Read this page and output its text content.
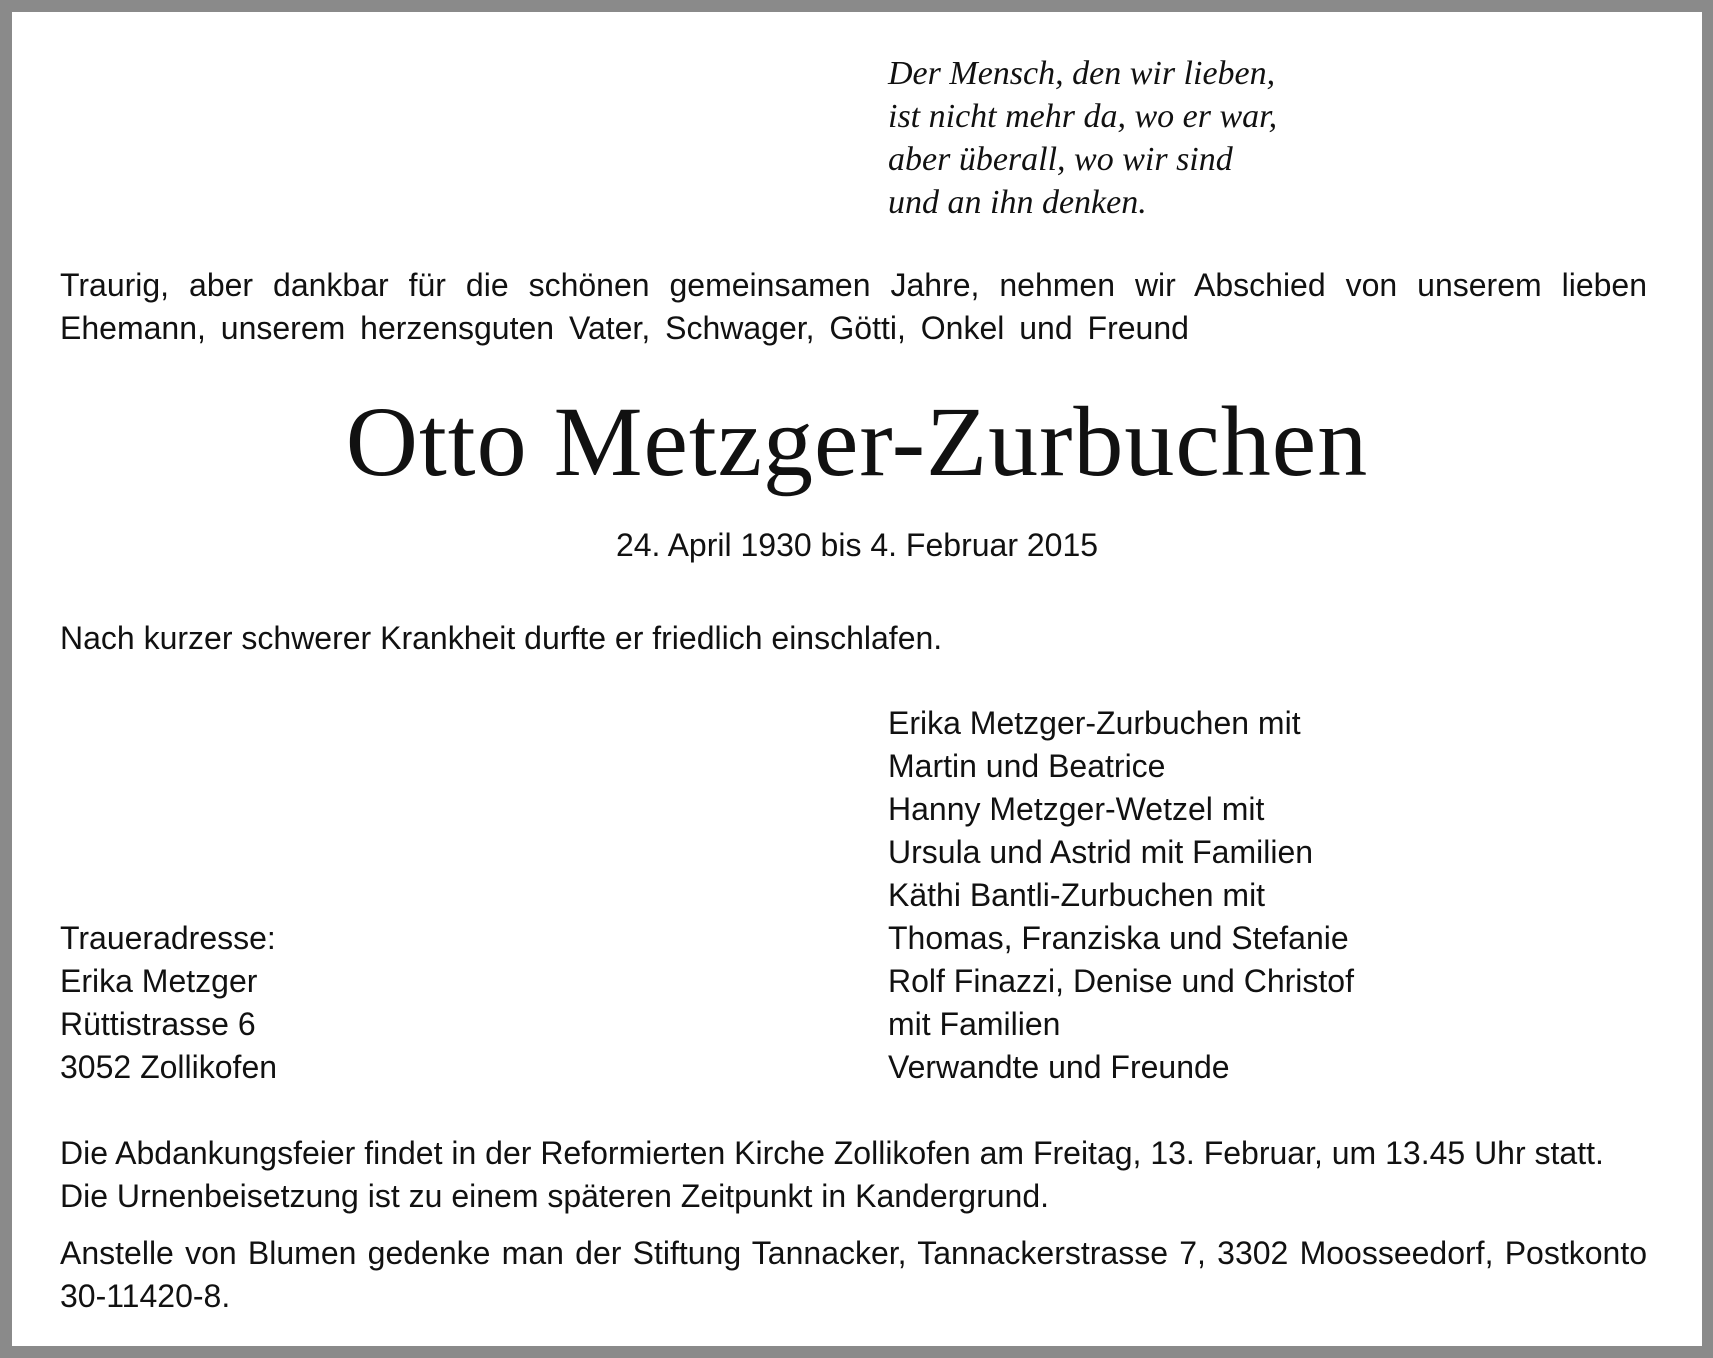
Der Mensch, den wir lieben,
ist nicht mehr da, wo er war,
aber überall, wo wir sind
und an ihn denken.
Traurig, aber dankbar für die schönen gemeinsamen Jahre, nehmen wir Abschied von unserem lieben Ehemann, unserem herzensguten Vater, Schwager, Götti, Onkel und Freund
Otto Metzger-Zurbuchen
24. April 1930 bis 4. Februar 2015
Nach kurzer schwerer Krankheit durfte er friedlich einschlafen.
Erika Metzger-Zurbuchen mit
Martin und Beatrice
Hanny Metzger-Wetzel mit
Ursula und Astrid mit Familien
Käthi Bantli-Zurbuchen mit
Thomas, Franziska und Stefanie
Rolf Finazzi, Denise und Christof
mit Familien
Verwandte und Freunde
Traueradresse:
Erika Metzger
Rüttistrasse 6
3052 Zollikofen
Die Abdankungsfeier findet in der Reformierten Kirche Zollikofen am Freitag, 13. Februar, um 13.45 Uhr statt.
Die Urnenbeisetzung ist zu einem späteren Zeitpunkt in Kandergrund.
Anstelle von Blumen gedenke man der Stiftung Tannacker, Tannackerstrasse 7, 3302 Moosseedorf, Postkonto 30-11420-8.
